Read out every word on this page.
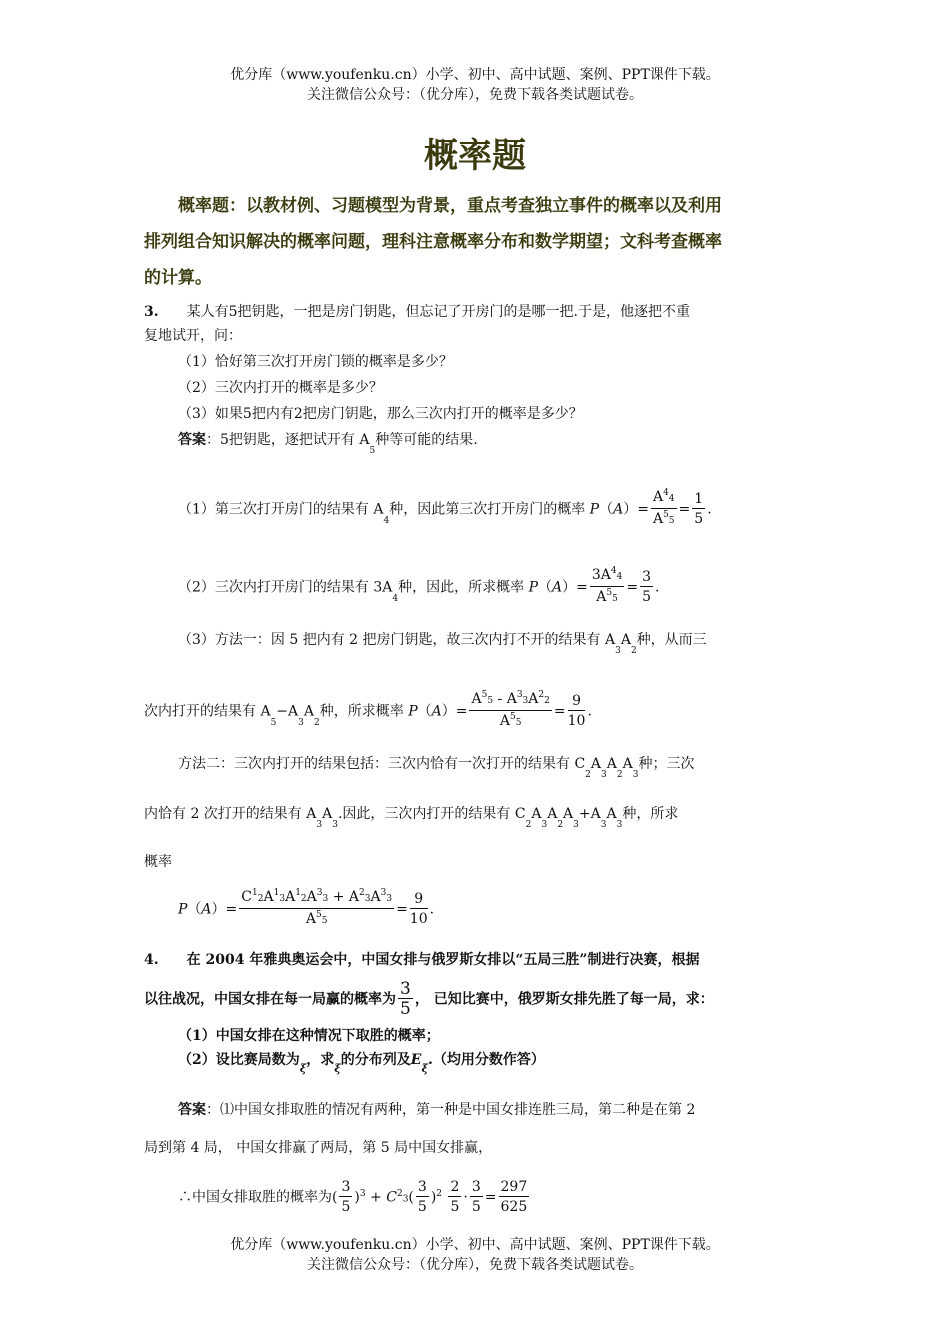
优分库（www.youfenku.cn）小学、初中、高中试题、案例、PPT课件下载。
关注微信公众号：（优分库），免费下载各类试题试卷。
概率题
概率题：以教材例、习题模型为背景，重点考查独立事件的概率以及利用
排列组合知识解决的概率问题，理科注意概率分布和数学期望；文科考查概率
的计算。
3. 某人有5把钥匙，一把是房门钥匙，但忘记了开房门的是哪一把.于是，他逐把不重
复地试开，问：
（1）恰好第三次打开房门锁的概率是多少？
（2）三次内打开的概率是多少？
（3）如果5把内有2把房门钥匙，那么三次内打开的概率是多少？
答案：5把钥匙，逐把试开有 $A_5$种等可能的结果.
（1）第三次打开房门的结果有 $A_4$种，因此第三次打开房门的概率 $P(A)= \frac{A^44}{A^55} = \frac{1}{5}$ .
（2）三次内打开房门的结果有 $3A_4$种，因此，所求概率 $P(A)= \frac{3A^44}{A^55} = \frac{3}{5}$ .
（3）方法一：因 5 把内有 2 把房门钥匙，故三次内打不开的结果有 $A_3A_2$种，从而三
次内打开的结果有 $A_5-A_3A_2$种，所求概率 $P(A)= \frac{A^55 - A^33A^22}{A^55} = \frac{9}{10}$ .
方法二：三次内打开的结果包括：三次内恰有一次打开的结果有 $C_2A_3A_2A_3$种；三次
内恰有 2 次打开的结果有 $A_3A_3$.因此，三次内打开的结果有 $C_2A_3A_2A_3+A_3A_3$种，所求
概率
$P(A)= \frac{C^12A^13A^12A^33 + A^23A^33}{A^55} = \frac{9}{10}$ .
4. 在 2004 年雅典奥运会中，中国女排与俄罗斯女排以“五局三胜”制进行决赛，根据
以往战况，中国女排在每一局赢的概率为 $\frac{3}{5}$ ， 已知比赛中，俄罗斯女排先胜了每一局，求：
（1）中国女排在这种情况下取胜的概率；
（2）设比赛局数为$_\xi$，求$_\xi$的分布列及$E_\xi$.（均用分数作答）
答案：⑴中国女排取胜的情况有两种，第一种是中国女排连胜三局，第二种是在第 2
局到第 4 局， 中国女排赢了两局，第 5 局中国女排赢，
∴中国女排取胜的概率为( $\frac{3}{5} )^3 + C^23( \frac{3}{5} )^2 \frac{2}{5} \cdot \frac{3}{5} = \frac{297}{625}$
优分库（www.youfenku.cn）小学、初中、高中试题、案例、PPT课件下载。
关注微信公众号：（优分库），免费下载各类试题试卷。
